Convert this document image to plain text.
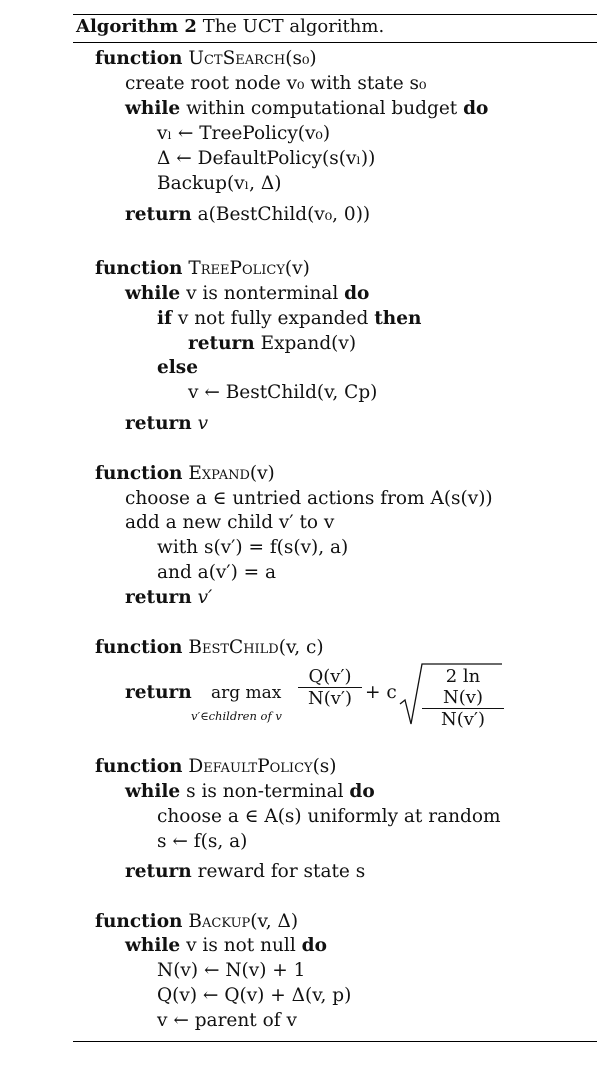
Algorithm 2 The UCT algorithm.
function UctSearch(s₀)
create root node v₀ with state s₀
while within computational budget do
vₗ ← TreePolicy(v₀)
Δ ← DefaultPolicy(s(vₗ))
Backup(vₗ, Δ)
return a(BestChild(v₀, 0))
function TreePolicy(v)
while v is nonterminal do
if v not fully expanded then
return Expand(v)
else
v ← BestChild(v, Cp)
return v
function Expand(v)
choose a ∈ untried actions from A(s(v))
add a new child v′ to v
with s(v′) = f(s(v), a)
and a(v′) = a
return v′
function BestChild(v, c)
return arg max
v′∈children of v
Q(v′)
N(v′) + c
2 ln N(v)
N(v′)
function DefaultPolicy(s)
while s is non-terminal do
choose a ∈ A(s) uniformly at random
s ← f(s, a)
return reward for state s
function Backup(v, Δ)
while v is not null do
N(v) ← N(v) + 1
Q(v) ← Q(v) + Δ(v, p)
v ← parent of v
